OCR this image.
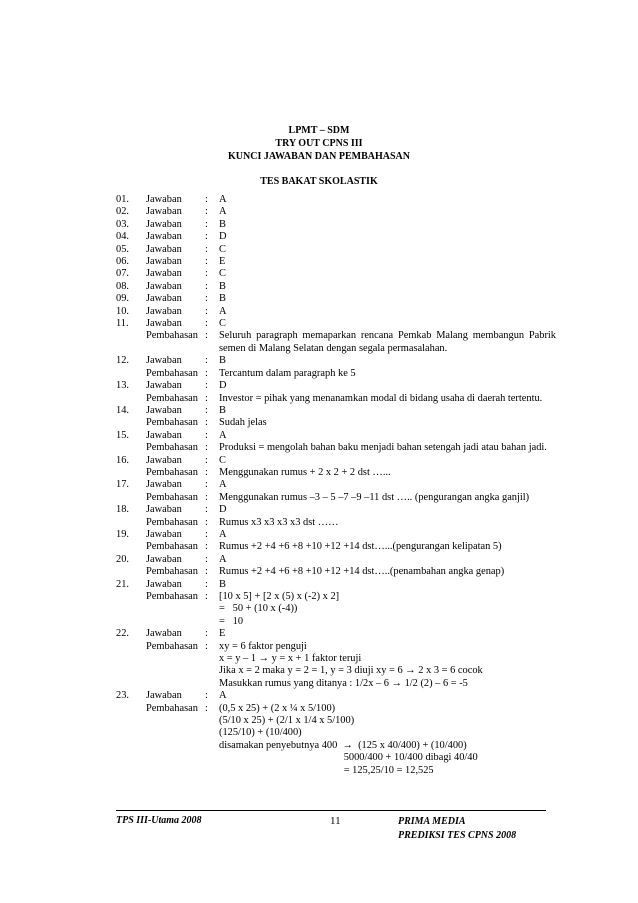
LPMT – SDM
TRY OUT CPNS III
KUNCI JAWABAN DAN PEMBAHASAN
TES BAKAT SKOLASTIK
01.	Jawaban	:	A
02.	Jawaban	:	A
03.	Jawaban	:	B
04.	Jawaban	:	D
05.	Jawaban	:	C
06.	Jawaban	:	E
07.	Jawaban	:	C
08.	Jawaban	:	B
09.	Jawaban	:	B
10.	Jawaban	:	A
11.	Jawaban	:	C
Pembahasan :	Seluruh paragraph memaparkan rencana Pemkab Malang membangun Pabrik semen di Malang Selatan dengan segala permasalahan.
12.	Jawaban	:	B
Pembahasan :	Tercantum dalam paragraph ke 5
13.	Jawaban	:	D
Pembahasan :	Investor = pihak yang menanamkan modal di bidang usaha di daerah tertentu.
14.	Jawaban	:	B
Pembahasan :	Sudah jelas
15.	Jawaban	:	A
Pembahasan :	Produksi = mengolah bahan baku menjadi bahan setengah jadi atau bahan jadi.
16.	Jawaban	:	C
Pembahasan :	Menggunakan rumus + 2 x 2 + 2 dst …...
17.	Jawaban	:	A
Pembahasan :	Menggunakan rumus –3 – 5 –7 –9 –11 dst ….. (pengurangan angka ganjil)
18.	Jawaban	:	D
Pembahasan :	Rumus x3 x3 x3 x3 dst ……
19.	Jawaban	:	A
Pembahasan :	Rumus +2 +4 +6 +8 +10 +12 +14 dst…...(pengurangan kelipatan 5)
20.	Jawaban	:	A
Pembahasan :	Rumus +2 +4 +6 +8 +10 +12 +14 dst…..(penambahan angka genap)
21.	Jawaban	:	B
Pembahasan :	[10 x 5] + [2 x (5) x (-2) x 2]
=   50 + (10 x (-4))
=   10
22.	Jawaban	:	E
Pembahasan :	xy = 6 faktor penguji
x = y – 1 → y = x + 1 faktor teruji
Jika x = 2 maka y = 2 = 1, y = 3 diuji xy = 6 → 2 x 3 = 6 cocok
Masukkan rumus yang ditanya : 1/2x – 6 → 1/2 (2) – 6 = -5
23.	Jawaban	:	A
Pembahasan :	(0,5 x 25) + (2 x ¼ x 5/100)
(5/10 x 25) + (2/1 x 1/4 x 5/100)
(125/10) + (10/400)
disamakan penyebutnya 400  →  (125 x 40/400) + (10/400)
5000/400 + 10/400 dibagi 40/40
= 125,25/10 = 12,525
TPS III-Utama 2008	11	PRIMA MEDIA
PREDIKSI TES CPNS 2008
